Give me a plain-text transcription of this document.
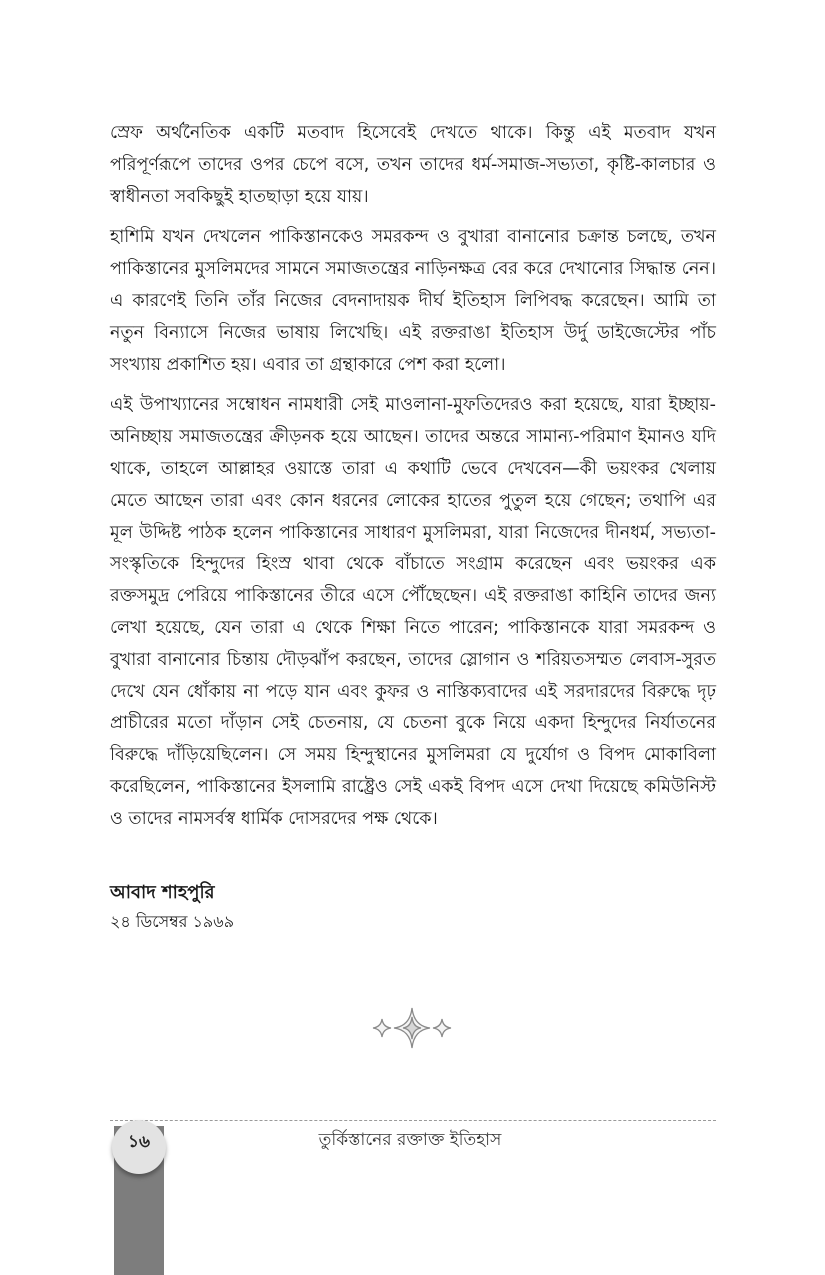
স্রেফ অর্থনৈতিক একটি মতবাদ হিসেবেই দেখতে থাকে। কিন্তু এই মতবাদ যখন পরিপূর্ণরূপে তাদের ওপর চেপে বসে, তখন তাদের ধর্ম-সমাজ-সভ্যতা, কৃষ্টি-কালচার ও স্বাধীনতা সবকিছুই হাতছাড়া হয়ে যায়।

হাশিমি যখন দেখলেন পাকিস্তানকেও সমরকন্দ ও বুখারা বানানোর চক্রান্ত চলছে, তখন পাকিস্তানের মুসলিমদের সামনে সমাজতন্ত্রের নাড়িনক্ষত্র বের করে দেখানোর সিদ্ধান্ত নেন। এ কারণেই তিনি তাঁর নিজের বেদনাদায়ক দীর্ঘ ইতিহাস লিপিবদ্ধ করেছেন। আমি তা নতুন বিন্যাসে নিজের ভাষায় লিখেছি। এই রক্তরাঙা ইতিহাস উর্দু ডাইজেস্টের পাঁচ সংখ্যায় প্রকাশিত হয়। এবার তা গ্রন্থাকারে পেশ করা হলো।

এই উপাখ্যানের সম্বোধন নামধারী সেই মাওলানা-মুফতিদেরও করা হয়েছে, যারা ইচ্ছায়-অনিচ্ছায় সমাজতন্ত্রের ক্রীড়নক হয়ে আছেন। তাদের অন্তরে সামান্য-পরিমাণ ইমানও যদি থাকে, তাহলে আল্লাহর ওয়াস্তে তারা এ কথাটি ভেবে দেখবেন—কী ভয়ংকর খেলায় মেতে আছেন তারা এবং কোন ধরনের লোকের হাতের পুতুল হয়ে গেছেন; তথাপি এর মূল উদ্দিষ্ট পাঠক হলেন পাকিস্তানের সাধারণ মুসলিমরা, যারা নিজেদের দীনধর্ম, সভ্যতা-সংস্কৃতিকে হিন্দুদের হিংস্র থাবা থেকে বাঁচাতে সংগ্রাম করেছেন এবং ভয়ংকর এক রক্তসমুদ্র পেরিয়ে পাকিস্তানের তীরে এসে পৌঁছেছেন। এই রক্তরাঙা কাহিনি তাদের জন্য লেখা হয়েছে, যেন তারা এ থেকে শিক্ষা নিতে পারেন; পাকিস্তানকে যারা সমরকন্দ ও বুখারা বানানোর চিন্তায় দৌড়ঝাঁপ করছেন, তাদের স্লোগান ও শরিয়তসম্মত লেবাস-সুরত দেখে যেন ধোঁকায় না পড়ে যান এবং কুফর ও নাস্তিক্যবাদের এই সরদারদের বিরুদ্ধে দৃঢ় প্রাচীরের মতো দাঁড়ান সেই চেতনায়, যে চেতনা বুকে নিয়ে একদা হিন্দুদের নির্যাতনের বিরুদ্ধে দাঁড়িয়েছিলেন। সে সময় হিন্দুস্থানের মুসলিমরা যে দুর্যোগ ও বিপদ মোকাবিলা করেছিলেন, পাকিস্তানের ইসলামি রাষ্ট্রেও সেই একই বিপদ এসে দেখা দিয়েছে কমিউনিস্ট ও তাদের নামসর্বস্ব ধার্মিক দোসরদের পক্ষ থেকে।

আবাদ শাহপুরি

২৪ ডিসেম্বর ১৯৬৯

১৬	তুর্কিস্তানের রক্তাক্ত ইতিহাস
